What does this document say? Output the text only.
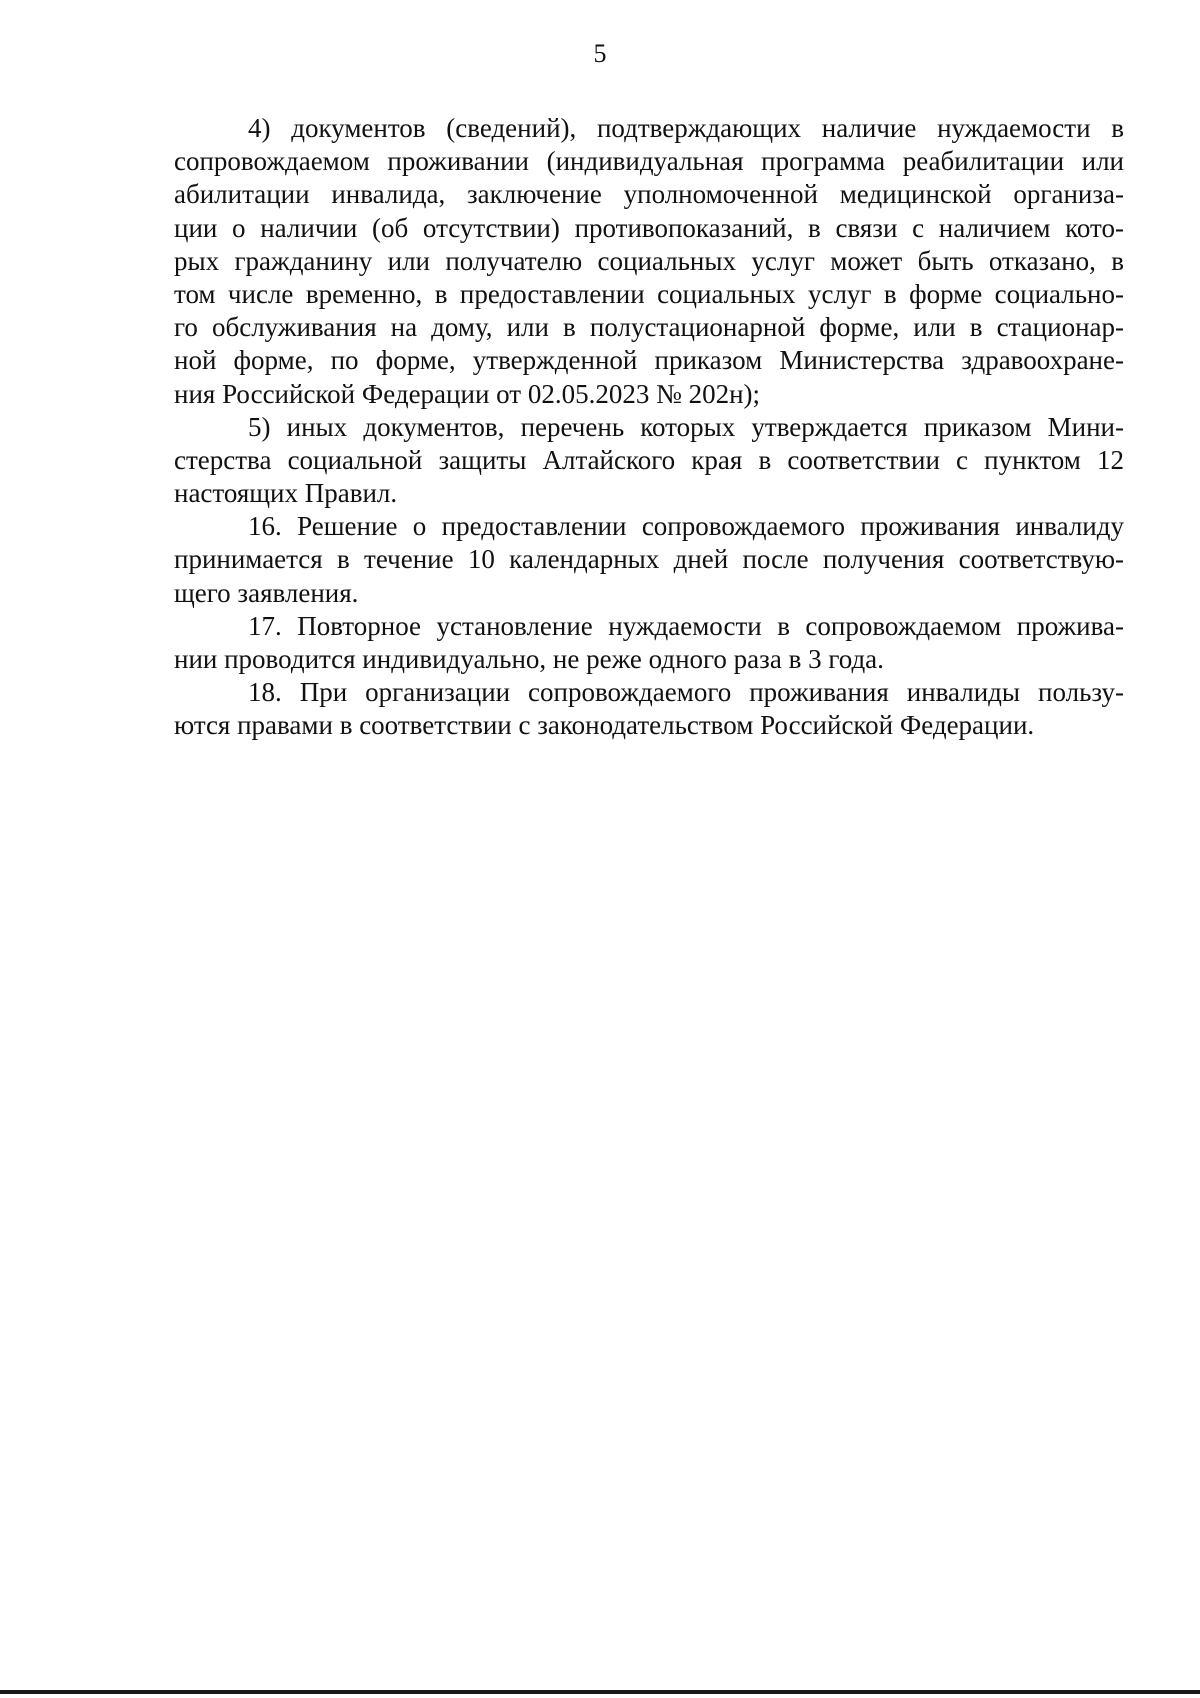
5
4) документов (сведений), подтверждающих наличие нуждаемости в
сопровождаемом проживании (индивидуальная программа реабилитации или
абилитации инвалида, заключение уполномоченной медицинской организа-
ции о наличии (об отсутствии) противопоказаний, в связи с наличием кото-
рых гражданину или получателю социальных услуг может быть отказано, в
том числе временно, в предоставлении социальных услуг в форме социально-
го обслуживания на дому, или в полустационарной форме, или в стационар-
ной форме, по форме, утвержденной приказом Министерства здравоохране-
ния Российской Федерации от 02.05.2023 № 202н);
5) иных документов, перечень которых утверждается приказом Мини-
стерства социальной защиты Алтайского края в соответствии с пунктом 12
настоящих Правил.
16. Решение о предоставлении сопровождаемого проживания инвалиду
принимается в течение 10 календарных дней после получения соответствую-
щего заявления.
17. Повторное установление нуждаемости в сопровождаемом прожива-
нии проводится индивидуально, не реже одного раза в 3 года.
18. При организации сопровождаемого проживания инвалиды пользу-
ются правами в соответствии с законодательством Российской Федерации.
